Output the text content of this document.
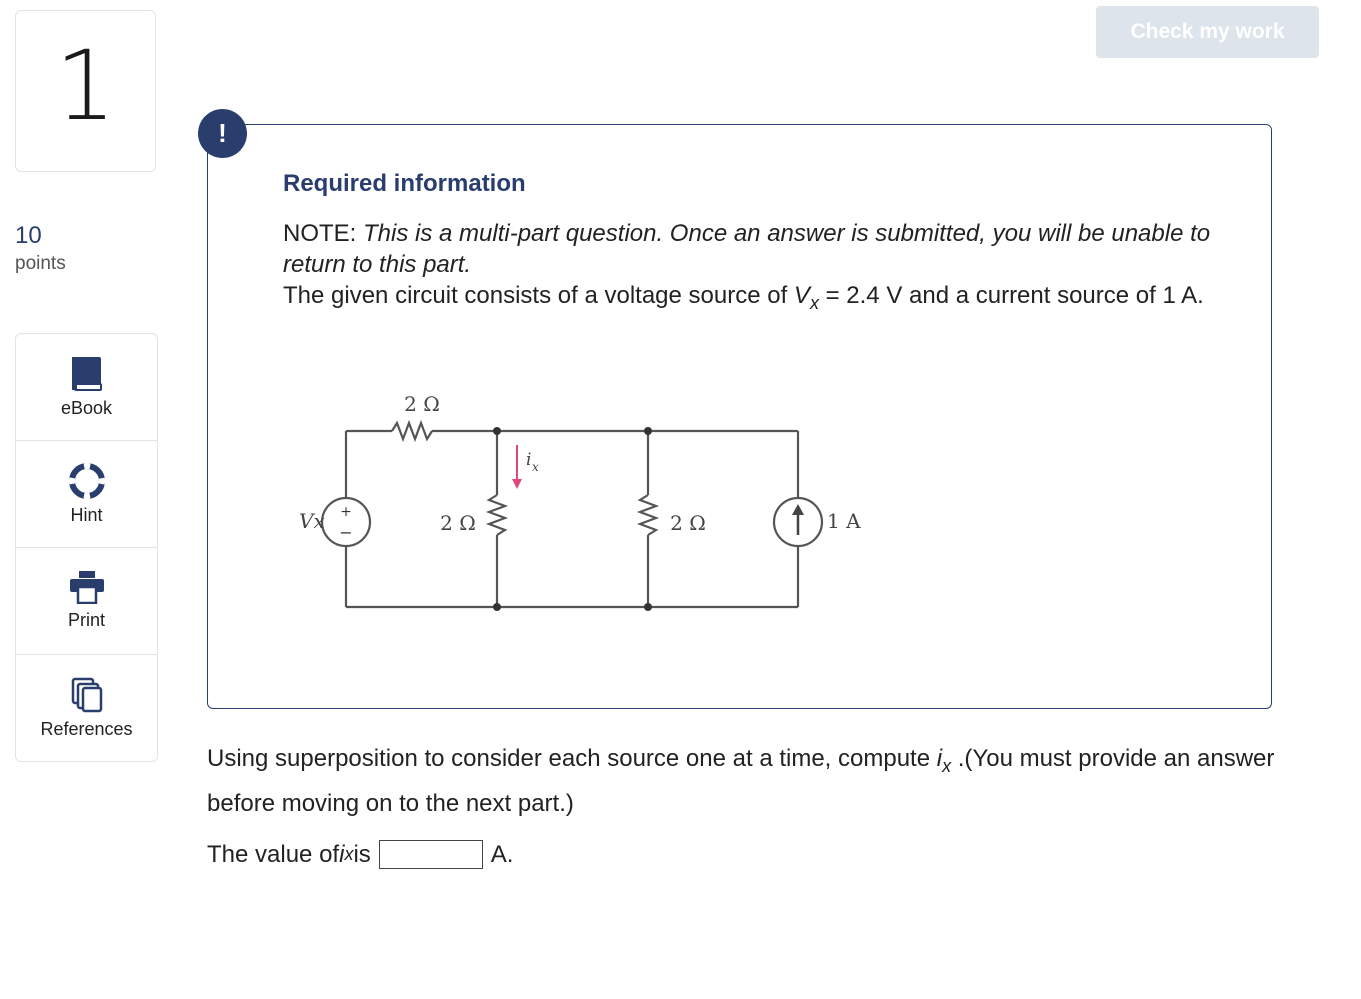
1
10
points
eBook
Hint
Print
References
Check my work
!
Required information
NOTE: This is a multi-part question. Once an answer is submitted, you will be unable to return to this part.
The given circuit consists of a voltage source of $V_x = 2.4$ V and a current source of 1 A.
+
−
2 Ω
2 Ω	2 Ω
Vx	1 A
i x
Using superposition to consider each source one at a time, compute $i_x$ .(You must provide an answer before moving on to the next part.)
The value of i x is	A.
